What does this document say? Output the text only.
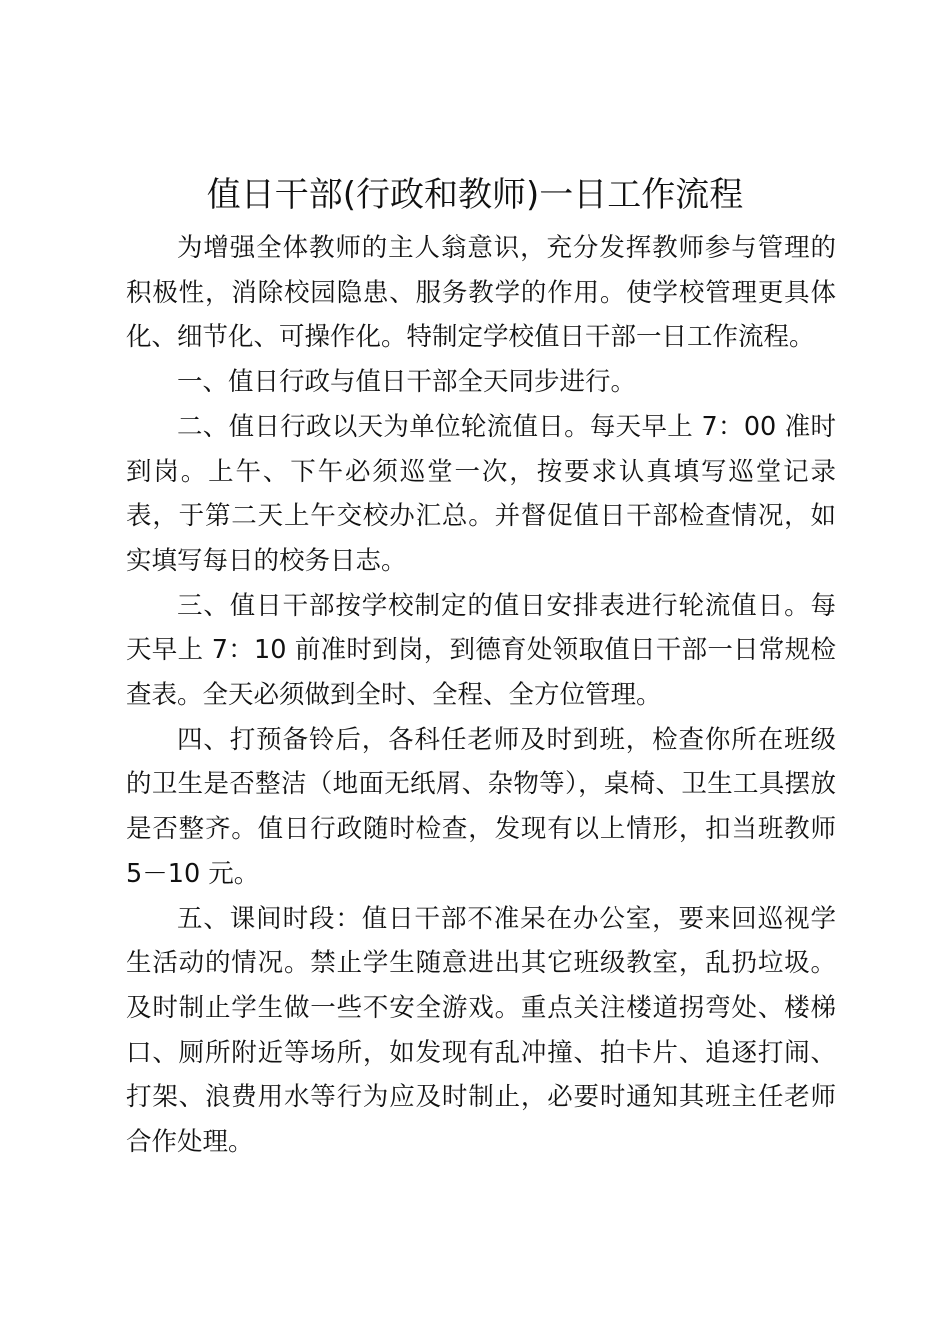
值日干部(行政和教师)一日工作流程

为增强全体教师的主人翁意识，充分发挥教师参与管理的积极性，消除校园隐患、服务教学的作用。使学校管理更具体化、细节化、可操作化。特制定学校值日干部一日工作流程。

一、值日行政与值日干部全天同步进行。

二、值日行政以天为单位轮流值日。每天早上 7：00 准时到岗。上午、下午必须巡堂一次，按要求认真填写巡堂记录表，于第二天上午交校办汇总。并督促值日干部检查情况，如实填写每日的校务日志。

三、值日干部按学校制定的值日安排表进行轮流值日。每天早上 7：10 前准时到岗，到德育处领取值日干部一日常规检查表。全天必须做到全时、全程、全方位管理。

四、打预备铃后，各科任老师及时到班，检查你所在班级的卫生是否整洁（地面无纸屑、杂物等），桌椅、卫生工具摆放是否整齐。值日行政随时检查，发现有以上情形，扣当班教师 5－10 元。

五、课间时段：值日干部不准呆在办公室，要来回巡视学生活动的情况。禁止学生随意进出其它班级教室，乱扔垃圾。及时制止学生做一些不安全游戏。重点关注楼道拐弯处、楼梯口、厕所附近等场所，如发现有乱冲撞、拍卡片、追逐打闹、打架、浪费用水等行为应及时制止，必要时通知其班主任老师合作处理。
